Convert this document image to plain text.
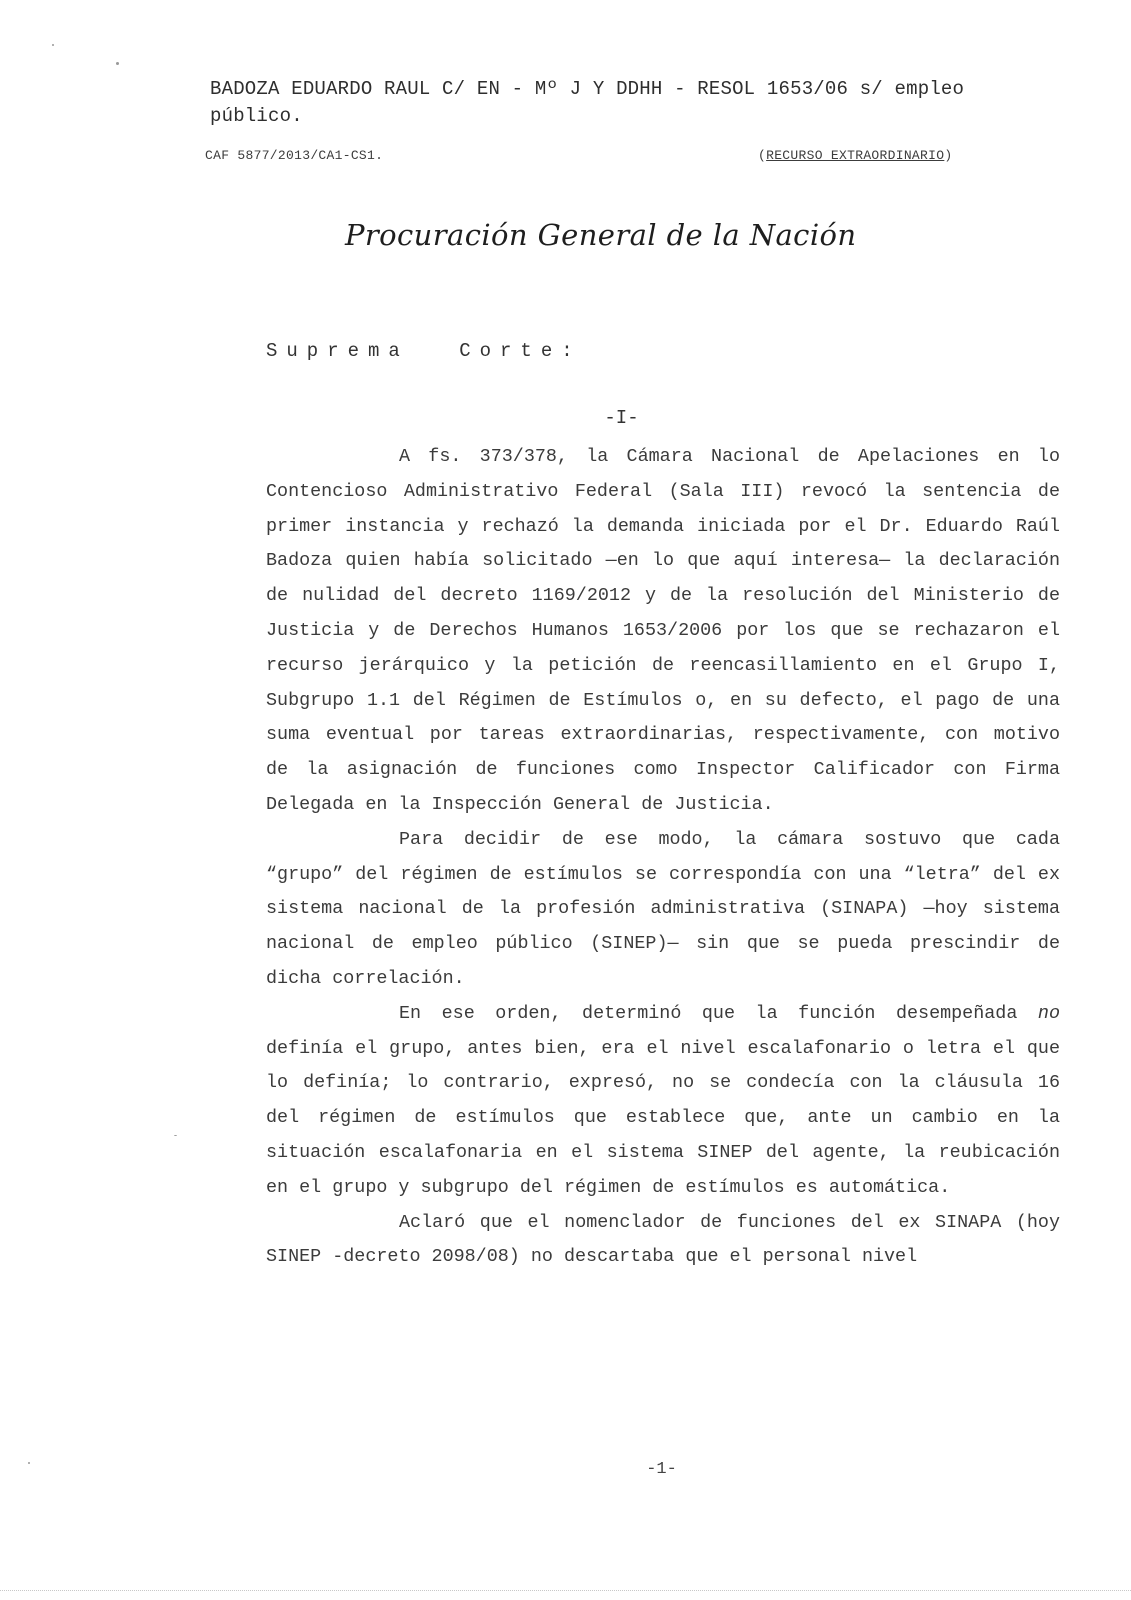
BADOZA EDUARDO RAUL C/ EN - Mº J Y DDHH - RESOL 1653/06 s/ empleo público.
CAF 5877/2013/CA1-CS1.	(RECURSO EXTRAORDINARIO)
Procuración General de la Nación
Suprema Corte:
-I-

A fs. 373/378, la Cámara Nacional de Apelaciones en lo Contencioso Administrativo Federal (Sala III) revocó la sentencia de primer instancia y rechazó la demanda iniciada por el Dr. Eduardo Raúl Badoza quien había solicitado —en lo que aquí interesa— la declaración de nulidad del decreto 1169/2012 y de la resolución del Ministerio de Justicia y de Derechos Humanos 1653/2006 por los que se rechazaron el recurso jerárquico y la petición de reencasillamiento en el Grupo I, Subgrupo 1.1 del Régimen de Estímulos o, en su defecto, el pago de una suma eventual por tareas extraordinarias, respectivamente, con motivo de la asignación de funciones como Inspector Calificador con Firma Delegada en la Inspección General de Justicia.

Para decidir de ese modo, la cámara sostuvo que cada “grupo” del régimen de estímulos se correspondía con una “letra” del ex sistema nacional de la profesión administrativa (SINAPA) —hoy sistema nacional de empleo público (SINEP)— sin que se pueda prescindir de dicha correlación.

En ese orden, determinó que la función desempeñada no definía el grupo, antes bien, era el nivel escalafonario o letra el que lo definía; lo contrario, expresó, no se condecía con la cláusula 16 del régimen de estímulos que establece que, ante un cambio en la situación escalafonaria en el sistema SINEP del agente, la reubicación en el grupo y subgrupo del régimen de estímulos es automática.

Aclaró que el nomenclador de funciones del ex SINAPA (hoy SINEP -decreto 2098/08) no descartaba que el personal nivel

-1-
